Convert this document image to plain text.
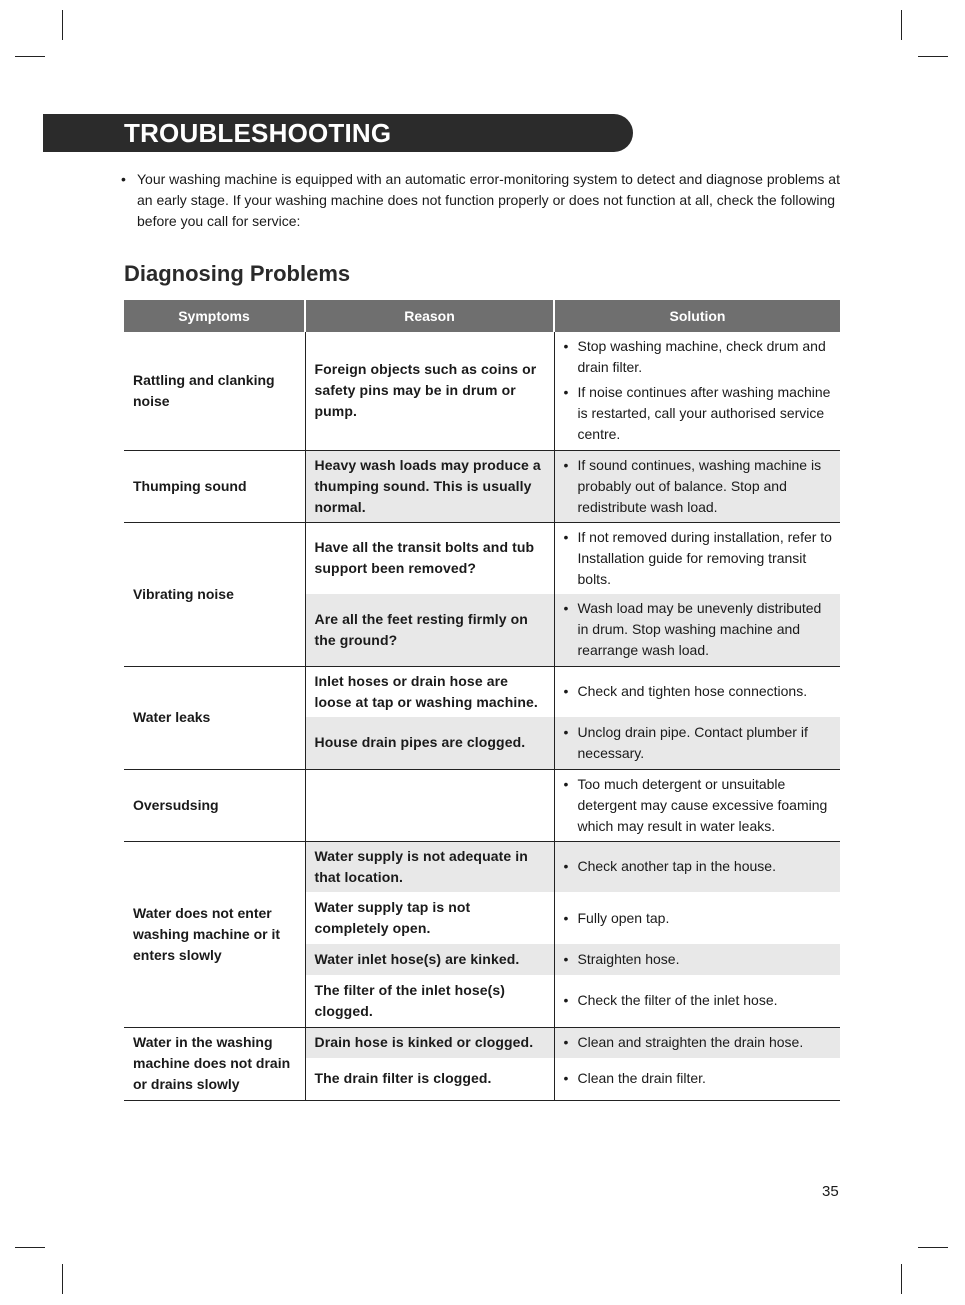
TROUBLESHOOTING

• Your washing machine is equipped with an automatic error-monitoring system to detect and diagnose problems at an early stage. If your washing machine does not function properly or does not function at all, check the following before you call for service:

Diagnosing Problems
Symptoms	Reason	Solution
Rattling and clanking noise	Foreign objects such as coins or safety pins may be in drum or pump.	• Stop washing machine, check drum and drain filter.
• If noise continues after washing machine is restarted, call your authorised service centre.

Thumping sound	Heavy wash loads may produce a thumping sound. This is usually normal.	• If sound continues, washing machine is probably out of balance. Stop and redistribute wash load.

Vibrating noise	Have all the transit bolts and tub support been removed?	• If not removed during installation, refer to Installation guide for removing transit bolts.

	Are all the feet resting firmly on the ground?	• Wash load may be unevenly distributed in drum. Stop washing machine and rearrange wash load.

Water leaks	Inlet hoses or drain hose are loose at tap or washing machine.	• Check and tighten hose connections.

	House drain pipes are clogged.	• Unclog drain pipe. Contact plumber if necessary.

Oversudsing		• Too much detergent or unsuitable detergent may cause excessive foaming which may result in water leaks.

Water does not enter washing machine or it enters slowly	Water supply is not adequate in that location.	• Check another tap in the house.

	Water supply tap is not completely open.	• Fully open tap.

	Water inlet hose(s) are kinked.	• Straighten hose.

	The filter of the inlet hose(s) clogged.	• Check the filter of the inlet hose.

Water in the washing machine does not drain or drains slowly	Drain hose is kinked or clogged.	• Clean and straighten the drain hose.

	The drain filter is clogged.	• Clean the drain filter.
35
